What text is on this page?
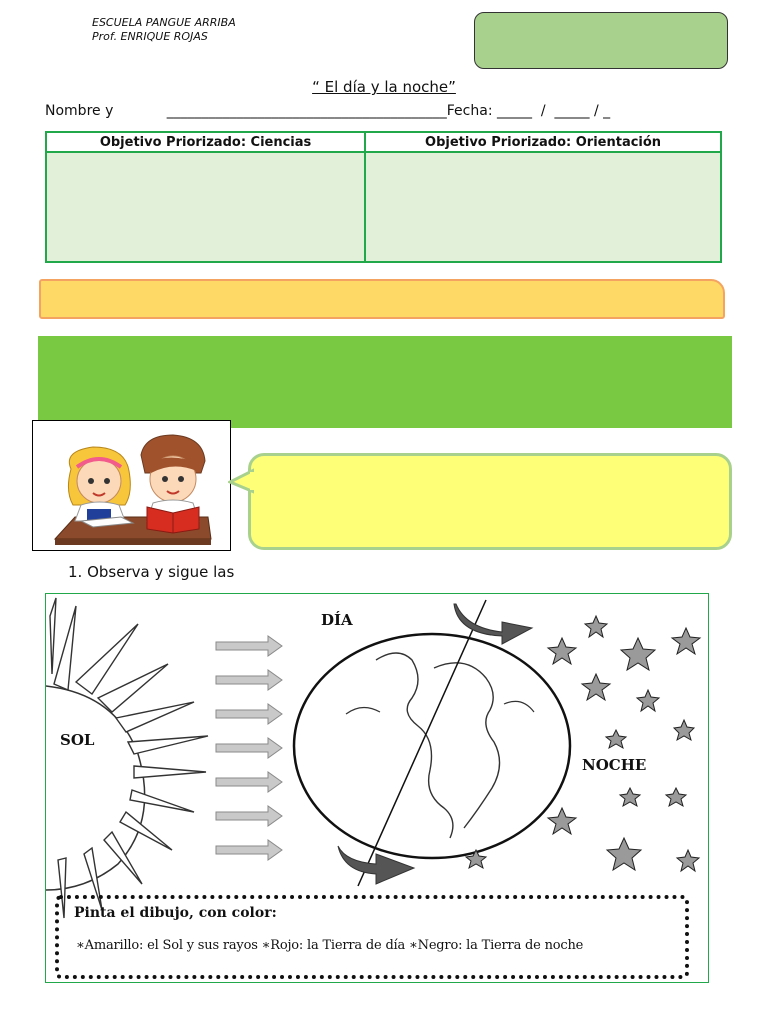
ESCUELA PANGUE ARRIBA
Prof. ENRIQUE ROJAS
“ El día y la noche”
Nombre y	________________________________________Fecha: _____  /  _____ / _
Objetivo Priorizado: Ciencias	Objetivo Priorizado: Orientación

1. Observa y sigue las
DÍA
SOL
NOCHE
Pinta el dibujo, con color:
∗Amarillo: el Sol y sus rayos ∗Rojo: la Tierra de día ∗Negro: la Tierra de noche
